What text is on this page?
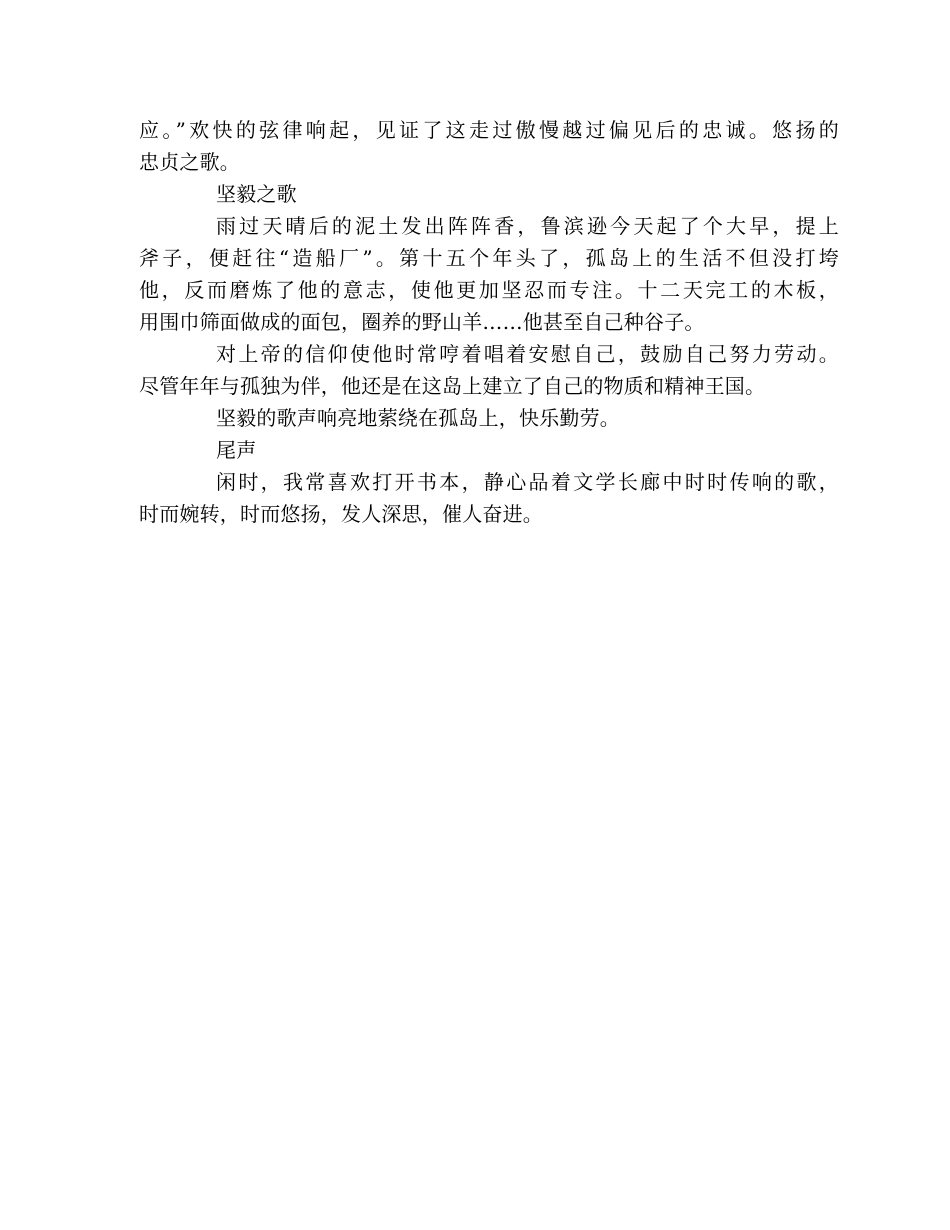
应。”欢快的弦律响起，见证了这走过傲慢越过偏见后的忠诚。悠扬的
忠贞之歌。
坚毅之歌
雨过天晴后的泥土发出阵阵香，鲁滨逊今天起了个大早，提上
斧子，便赶往“造船厂”。第十五个年头了，孤岛上的生活不但没打垮
他，反而磨炼了他的意志，使他更加坚忍而专注。十二天完工的木板，
用围巾筛面做成的面包，圈养的野山羊……他甚至自己种谷子。
对上帝的信仰使他时常哼着唱着安慰自己，鼓励自己努力劳动。
尽管年年与孤独为伴，他还是在这岛上建立了自己的物质和精神王国。
坚毅的歌声响亮地萦绕在孤岛上，快乐勤劳。
尾声
闲时，我常喜欢打开书本，静心品着文学长廊中时时传响的歌，
时而婉转，时而悠扬，发人深思，催人奋进。
